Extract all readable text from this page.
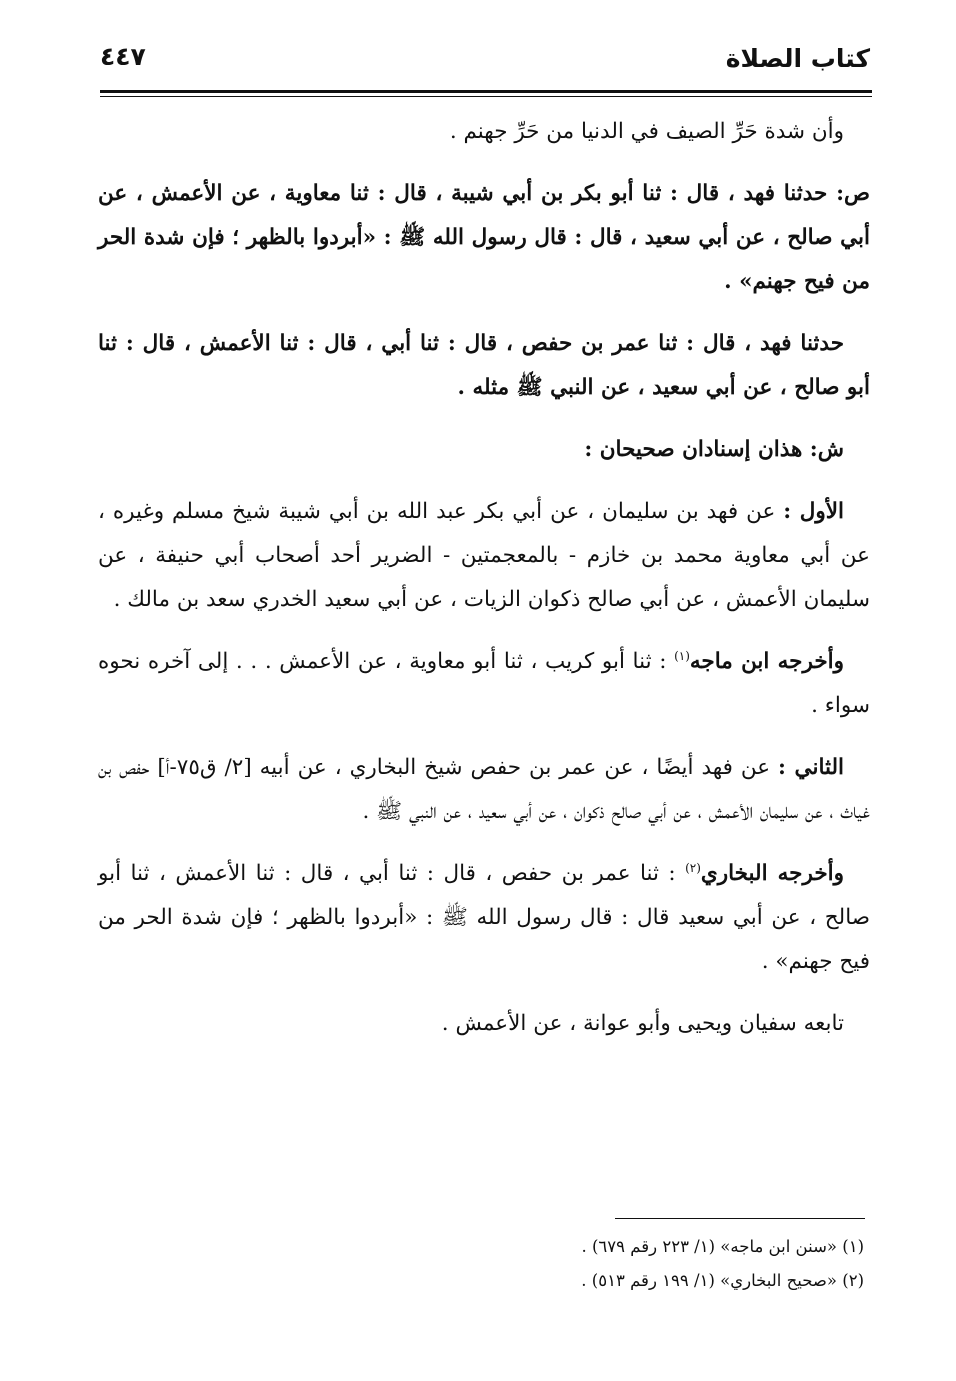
كتاب الصلاة
٤٤٧

وأن شدة حَرِّ الصيف في الدنيا من حَرِّ جهنم .

ص: حدثنا فهد ، قال : ثنا أبو بكر بن أبي شيبة ، قال : ثنا معاوية ، عن الأعمش ، عن أبي صالح ، عن أبي سعيد ، قال : قال رسول الله ﷺ : «أبردوا بالظهر ؛ فإن شدة الحر من فيح جهنم» .

حدثنا فهد ، قال : ثنا عمر بن حفص ، قال : ثنا أبي ، قال : ثنا الأعمش ، قال : ثنا أبو صالح ، عن أبي سعيد ، عن النبي ﷺ مثله .

ش: هذان إسنادان صحيحان :

الأول : عن فهد بن سليمان ، عن أبي بكر عبد الله بن أبي شيبة شيخ مسلم وغيره ، عن أبي معاوية محمد بن خازم - بالمعجمتين - الضرير أحد أصحاب أبي حنيفة ، عن سليمان الأعمش ، عن أبي صالح ذكوان الزيات ، عن أبي سعيد الخدري سعد بن مالك .

وأخرجه ابن ماجه$^{(١)}$ : ثنا أبو كريب ، ثنا أبو معاوية ، عن الأعمش . . . إلى آخره نحوه سواء .

الثاني : عن فهد أيضًا ، عن عمر بن حفص شيخ البخاري ، عن أبيه [٢/ ق٧٥-أ] حفص بن غياث ، عن سليمان الأعمش ، عن أبي صالح ذكوان ، عن أبي سعيد ، عن النبي ﷺ .

وأخرجه البخاري$^{(٢)}$ : ثنا عمر بن حفص ، قال : ثنا أبي ، قال : ثنا الأعمش ، ثنا أبو صالح ، عن أبي سعيد قال : قال رسول الله ﷺ : «أبردوا بالظهر ؛ فإن شدة الحر من فيح جهنم» .

تابعه سفيان ويحيى وأبو عوانة ، عن الأعمش .

(١) «سنن ابن ماجه» (١/ ٢٢٣ رقم ٦٧٩) .
(٢) «صحيح البخاري» (١/ ١٩٩ رقم ٥١٣) .
